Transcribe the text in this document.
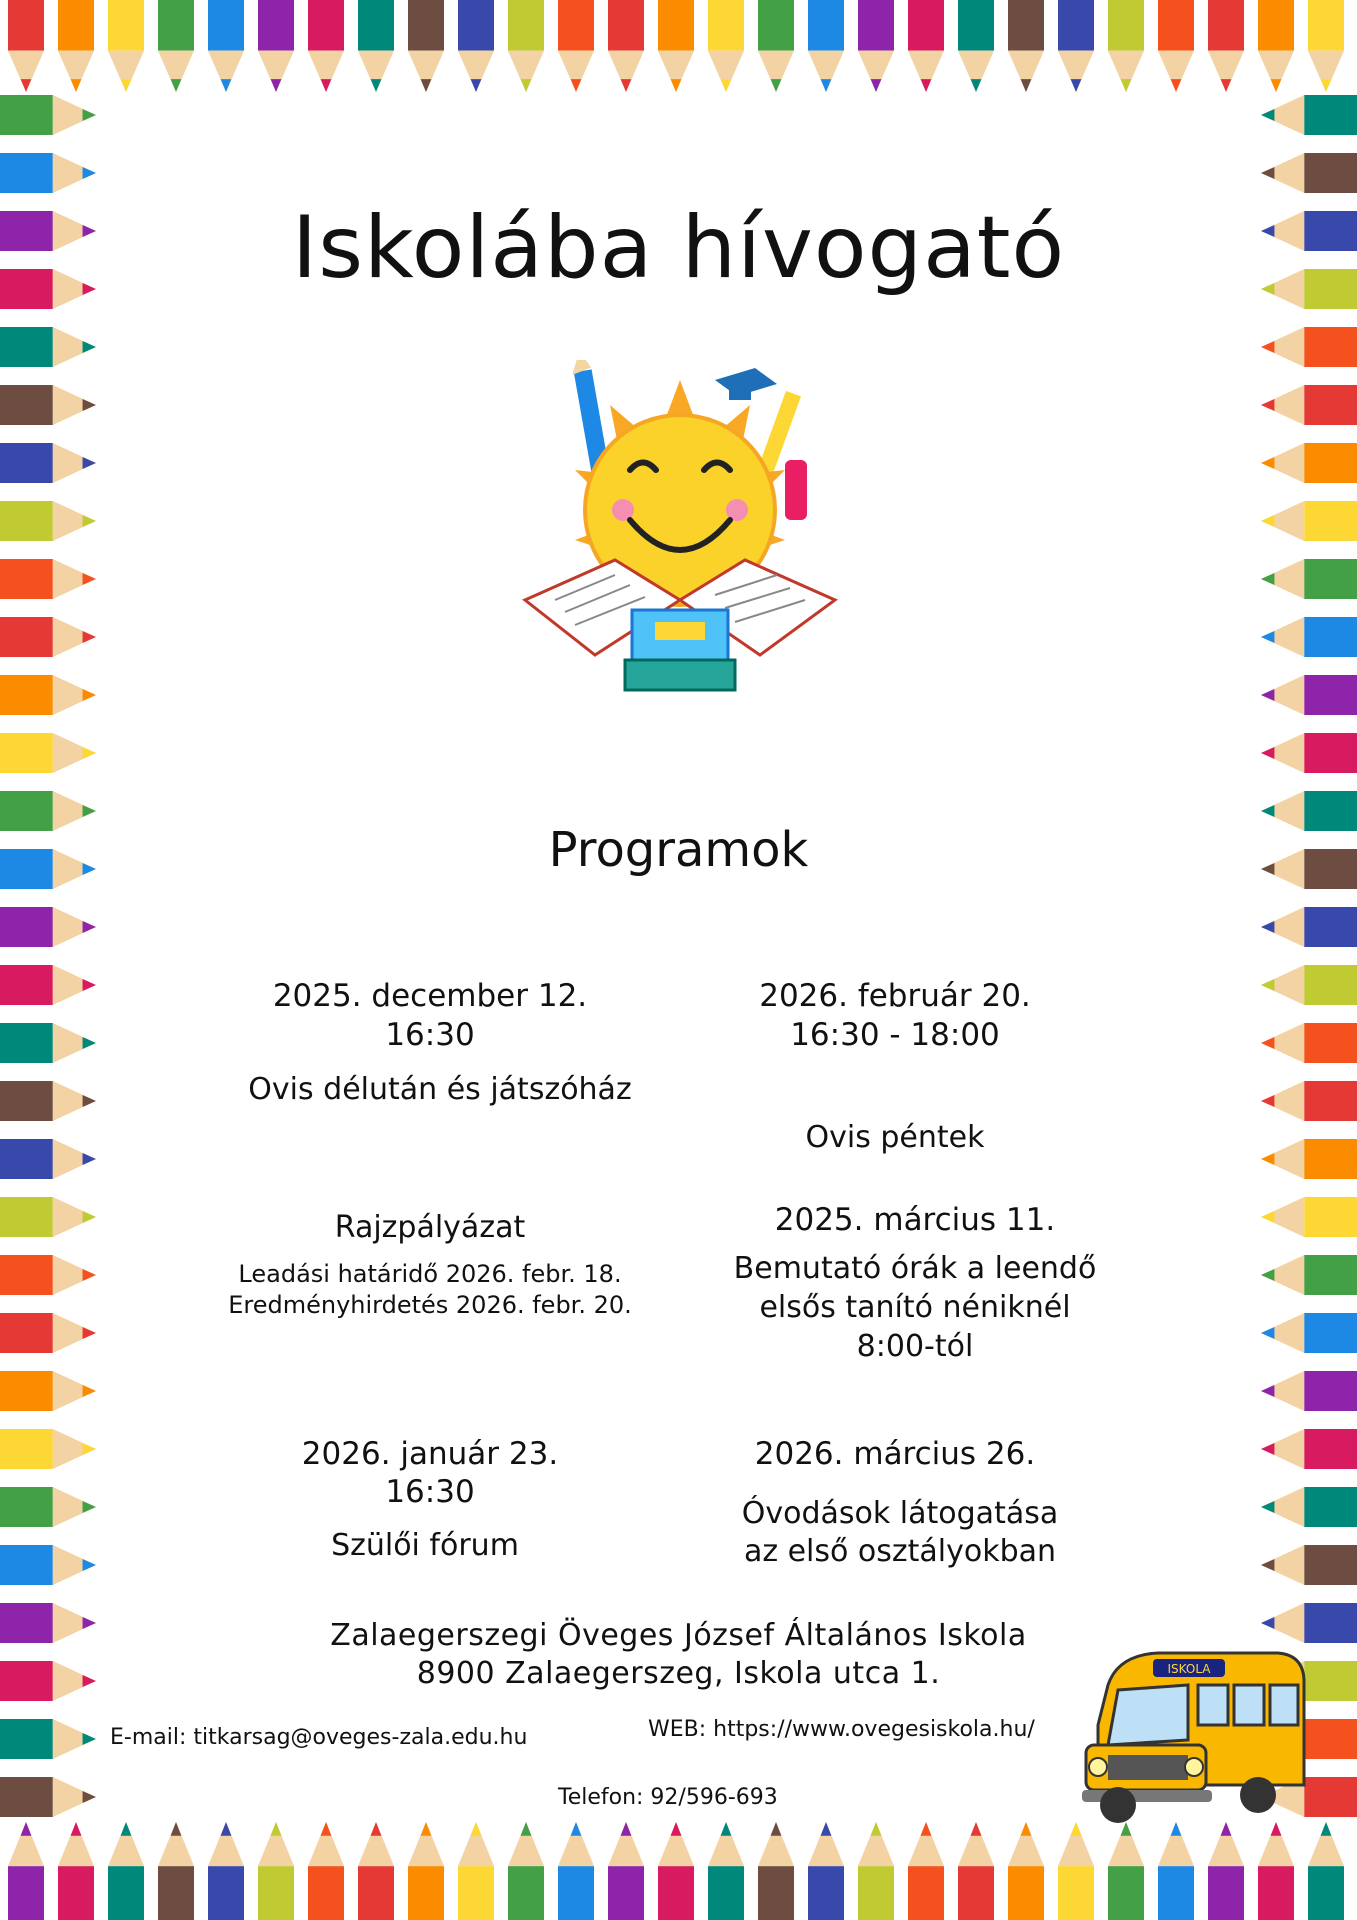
Iskolába hívogató
Programok
2025. december 12.
16:30
Ovis délután és játszóház
2026. február 20.
16:30 - 18:00
Ovis péntek
Rajzpályázat
Leadási határidő 2026. febr. 18.
Eredményhirdetés 2026. febr. 20.
2025. március 11.
Bemutató órák a leendő
elsős tanító néniknél
8:00-tól
2026. január 23.
16:30
Szülői fórum
2026. március 26.
Óvodások látogatása
az első osztályokban
Zalaegerszegi Öveges József Általános Iskola
8900 Zalaegerszeg, Iskola utca 1.
E-mail: titkarsag@oveges-zala.edu.hu	WEB: https://www.ovegesiskola.hu/
Telefon: 92/596-693
ISKOLA
